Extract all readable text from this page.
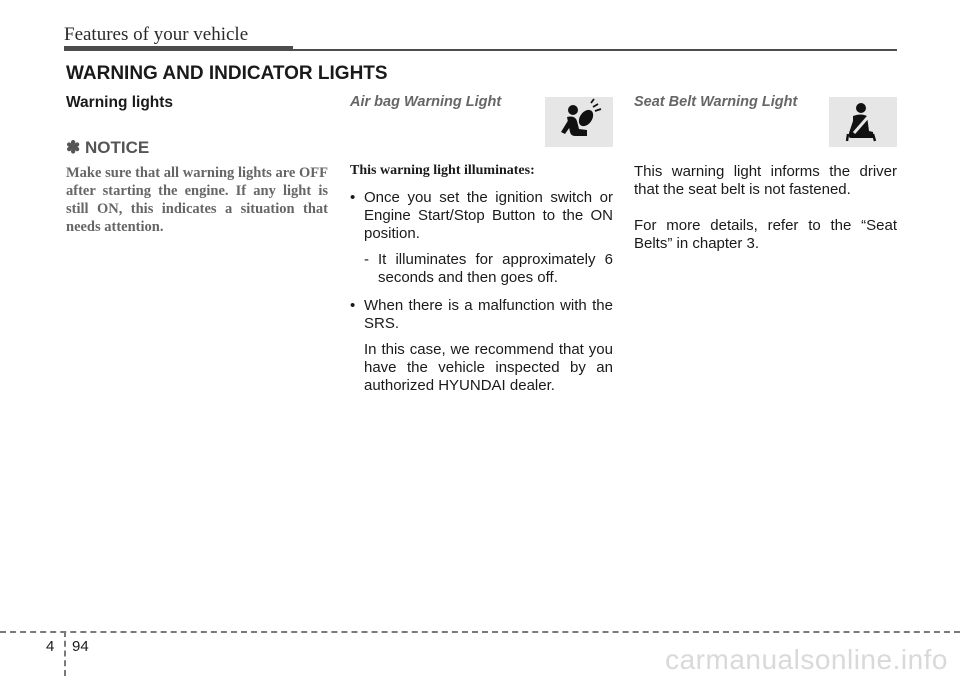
Features of your vehicle
WARNING AND INDICATOR LIGHTS
Warning lights
✽ NOTICE
Make sure that all warning lights are OFF after starting the engine. If any light is still ON, this indicates a situation that needs attention.
Air bag Warning Light
This warning light illuminates:
• Once you set the ignition switch or Engine Start/Stop Button to the ON position.
- It illuminates for approximately 6 seconds and then goes off.
• When there is a malfunction with the SRS.
In this case, we recommend that you have the vehicle inspected by an authorized HYUNDAI dealer.
Seat Belt Warning Light
This warning light informs the driver that the seat belt is not fastened.
For more details, refer to the “Seat Belts” in chapter 3.
4 94	carmanualsonline.info
